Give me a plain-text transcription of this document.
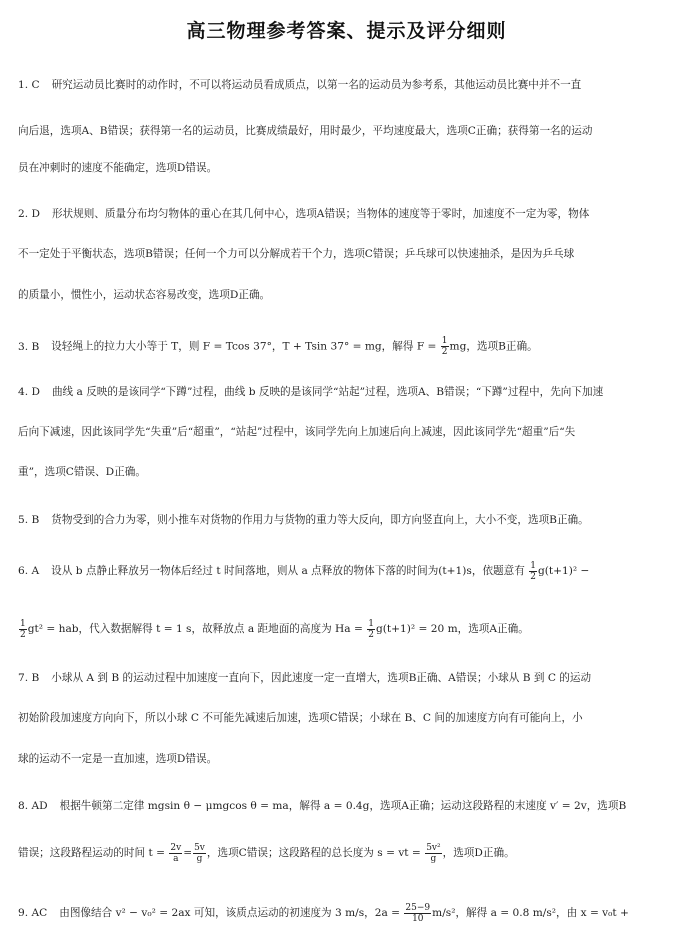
高三物理参考答案、提示及评分细则
1. C 研究运动员比赛时的动作时，不可以将运动员看成质点，以第一名的运动员为参考系，其他运动员比赛中并不一直
向后退，选项A、B错误；获得第一名的运动员，比赛成绩最好，用时最少，平均速度最大，选项C正确；获得第一名的运动
员在冲刺时的速度不能确定，选项D错误。
2. D 形状规则、质量分布均匀物体的重心在其几何中心，选项A错误；当物体的速度等于零时，加速度不一定为零，物体
不一定处于平衡状态，选项B错误；任何一个力可以分解成若干个力，选项C错误；乒乓球可以快速抽杀，是因为乒乓球
的质量小，惯性小，运动状态容易改变，选项D正确。
3. B 设轻绳上的拉力大小等于 T，则 F = Tcos 37°，T + Tsin 37° = mg，解得 $F = \frac{1}{2}$ mg，选项B正确。
4. D 曲线 a 反映的是该同学“下蹲”过程，曲线 b 反映的是该同学“站起”过程，选项A、B错误；“下蹲”过程中，先向下加速
后向下减速，因此该同学先“失重”后“超重”，“站起”过程中，该同学先向上加速后向上减速，因此该同学先“超重”后“失
重”，选项C错误、D正确。
5. B 货物受到的合力为零，则小推车对货物的作用力与货物的重力等大反向，即方向竖直向上，大小不变，选项B正确。
6. A 设从 b 点静止释放另一物体后经过 t 时间落地，则从 a 点释放的物体下落的时间为(t+1)s，依题意有 $\frac{1}{2} g(t+1)^2$ −
$\frac{1}{2} gt^2$ = hab，代入数据解得 t = 1 s，故释放点 a 距地面的高度为 $Ha = \frac{1}{2} g(t+1)^2 = 20$ m，选项A正确。
7. B 小球从 A 到 B 的运动过程中加速度一直向下，因此速度一定一直增大，选项B正确、A错误；小球从 B 到 C 的运动
初始阶段加速度方向向下，所以小球 C 不可能先减速后加速，选项C错误；小球在 B、C 间的加速度方向有可能向上，小
球的运动不一定是一直加速，选项D错误。
8. AD 根据牛顿第二定律 mgsin θ − μmgcos θ = ma，解得 a = 0.4g，选项A正确；运动这段路程的末速度 v′ = 2v，选项B
错误；这段路程运动的时间 $t = \frac{2v}{a} = \frac{5v}{g}$ ，选项C错误；这段路程的总长度为 s = vt = $\frac{\text{5v²}}{g}$ ，选项D正确。
9. AC 由图像结合 v² − v₀² = 2ax 可知，该质点运动的初速度为 3 m/s，$2a = \frac{25-9}{10} m/s^2$，解得 a = 0.8 m/s²，由 x = v₀t +
